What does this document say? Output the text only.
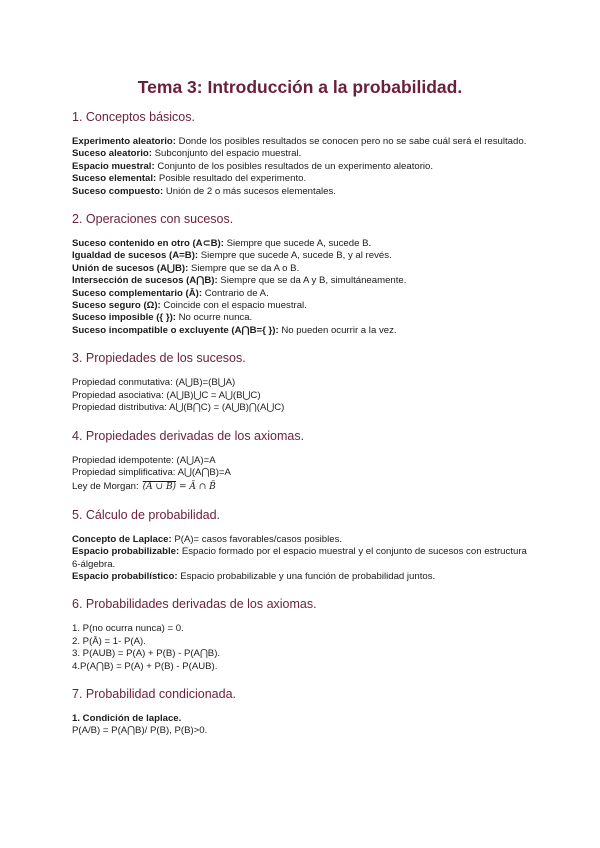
Tema 3: Introducción a la probabilidad.
1. Conceptos básicos.

Experimento aleatorio: Donde los posibles resultados se conocen pero no se sabe cuál será el resultado.

Suceso aleatorio: Subconjunto del espacio muestral.

Espacio muestral: Conjunto de los posibles resultados de un experimento aleatorio.

Suceso elemental: Posible resultado del experimento.

Suceso compuesto: Unión de 2 o más sucesos elementales.

2. Operaciones con sucesos.

Suceso contenido en otro (A⊂B): Siempre que sucede A, sucede B.

Igualdad de sucesos (A=B): Siempre que sucede A, sucede B, y al revés.

Unión de sucesos (A⋃B): Siempre que se da A o B.

Intersección de sucesos (A⋂B): Siempre que se da A y B, simultáneamente.

Suceso complementario (Ā): Contrario de A.

Suceso seguro (Ω): Coincide con el espacio muestral.

Suceso imposible ({ }): No ocurre nunca.

Suceso incompatible o excluyente (A⋂B={ }): No pueden ocurrir a la vez.

3. Propiedades de los sucesos.

Propiedad conmutativa: (A⋃B)=(B⋃A)

Propiedad asociativa: (A⋃B)⋃C = A⋃(B⋃C)

Propiedad distributiva: A⋃(B⋂C) = (A⋃B)⋂(A⋃C)

4. Propiedades derivadas de los axiomas.

Propiedad idempotente: (A⋃A)=A

Propiedad simplificativa: A⋃(A⋂B)=A

Ley de Morgan: (A ∪ B) = Ā ∩ B̄

5. Cálculo de probabilidad.

Concepto de Laplace: P(A)= casos favorables/casos posibles.

Espacio probabilizable: Espacio formado por el espacio muestral y el conjunto de sucesos con estructura 6-álgebra.

Espacio probabilístico: Espacio probabilizable y una función de probabilidad juntos.

6. Probabilidades derivadas de los axiomas.

1. P(no ocurra nunca) = 0.

2. P(Ā) = 1- P(A).

3. P(AUB) = P(A) + P(B) - P(A⋂B).

4.P(A⋂B) = P(A) + P(B) - P(AUB).

7. Probabilidad condicionada.

1. Condición de laplace.

P(A/B) = P(A⋂B)/ P(B), P(B)>0.
